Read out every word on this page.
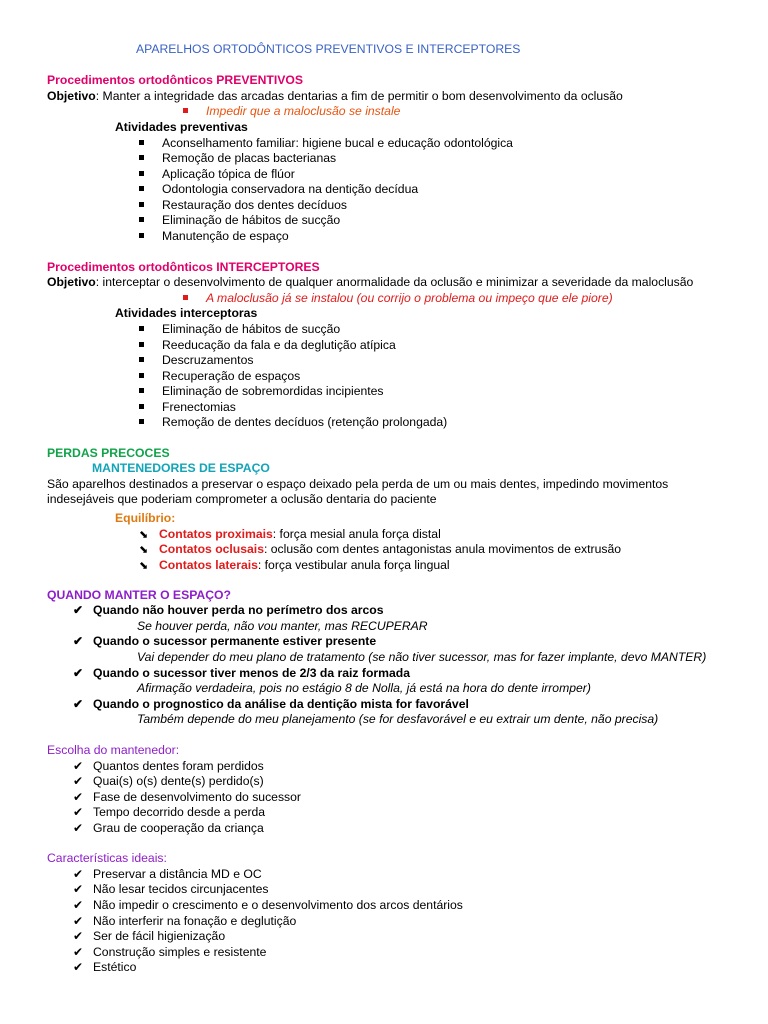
APARELHOS ORTODÔNTICOS PREVENTIVOS E INTERCEPTORES
Procedimentos ortodônticos PREVENTIVOS
Objetivo: Manter a integridade das arcadas dentarias a fim de permitir o bom desenvolvimento da oclusão
Impedir que a maloclusão se instale
Atividades preventivas
Aconselhamento familiar: higiene bucal e educação odontológica
Remoção de placas bacterianas
Aplicação tópica de flúor
Odontologia conservadora na dentição decídua
Restauração dos dentes decíduos
Eliminação de hábitos de sucção
Manutenção de espaço
Procedimentos ortodônticos INTERCEPTORES
Objetivo: interceptar o desenvolvimento de qualquer anormalidade da oclusão e minimizar a severidade da maloclusão
A maloclusão já se instalou (ou corrijo o problema ou impeço que ele piore)
Atividades interceptoras
Eliminação de hábitos de sucção
Reeducação da fala e da deglutição atípica
Descruzamentos
Recuperação de espaços
Eliminação de sobremordidas incipientes
Frenectomias
Remoção de dentes decíduos (retenção prolongada)
PERDAS PRECOCES
MANTENEDORES DE ESPAÇO
São aparelhos destinados a preservar o espaço deixado pela perda de um ou mais dentes, impedindo movimentos
indesejáveis que poderiam comprometer a oclusão dentaria do paciente
Equilíbrio:
⬊ Contatos proximais: força mesial anula força distal
⬊ Contatos oclusais: oclusão com dentes antagonistas anula movimentos de extrusão
⬊ Contatos laterais: força vestibular anula força lingual
QUANDO MANTER O ESPAÇO?
✔ Quando não houver perda no perímetro dos arcos
Se houver perda, não vou manter, mas RECUPERAR
✔ Quando o sucessor permanente estiver presente
Vai depender do meu plano de tratamento (se não tiver sucessor, mas for fazer implante, devo MANTER)
✔ Quando o sucessor tiver menos de 2/3 da raiz formada
Afirmação verdadeira, pois no estágio 8 de Nolla, já está na hora do dente irromper)
✔ Quando o prognostico da análise da dentição mista for favorável
Também depende do meu planejamento (se for desfavorável e eu extrair um dente, não precisa)
Escolha do mantenedor:
✔ Quantos dentes foram perdidos
✔ Quai(s) o(s) dente(s) perdido(s)
✔ Fase de desenvolvimento do sucessor
✔ Tempo decorrido desde a perda
✔ Grau de cooperação da criança
Características ideais:
✔ Preservar a distância MD e OC
✔ Não lesar tecidos circunjacentes
✔ Não impedir o crescimento e o desenvolvimento dos arcos dentários
✔ Não interferir na fonação e deglutição
✔ Ser de fácil higienização
✔ Construção simples e resistente
✔ Estético
